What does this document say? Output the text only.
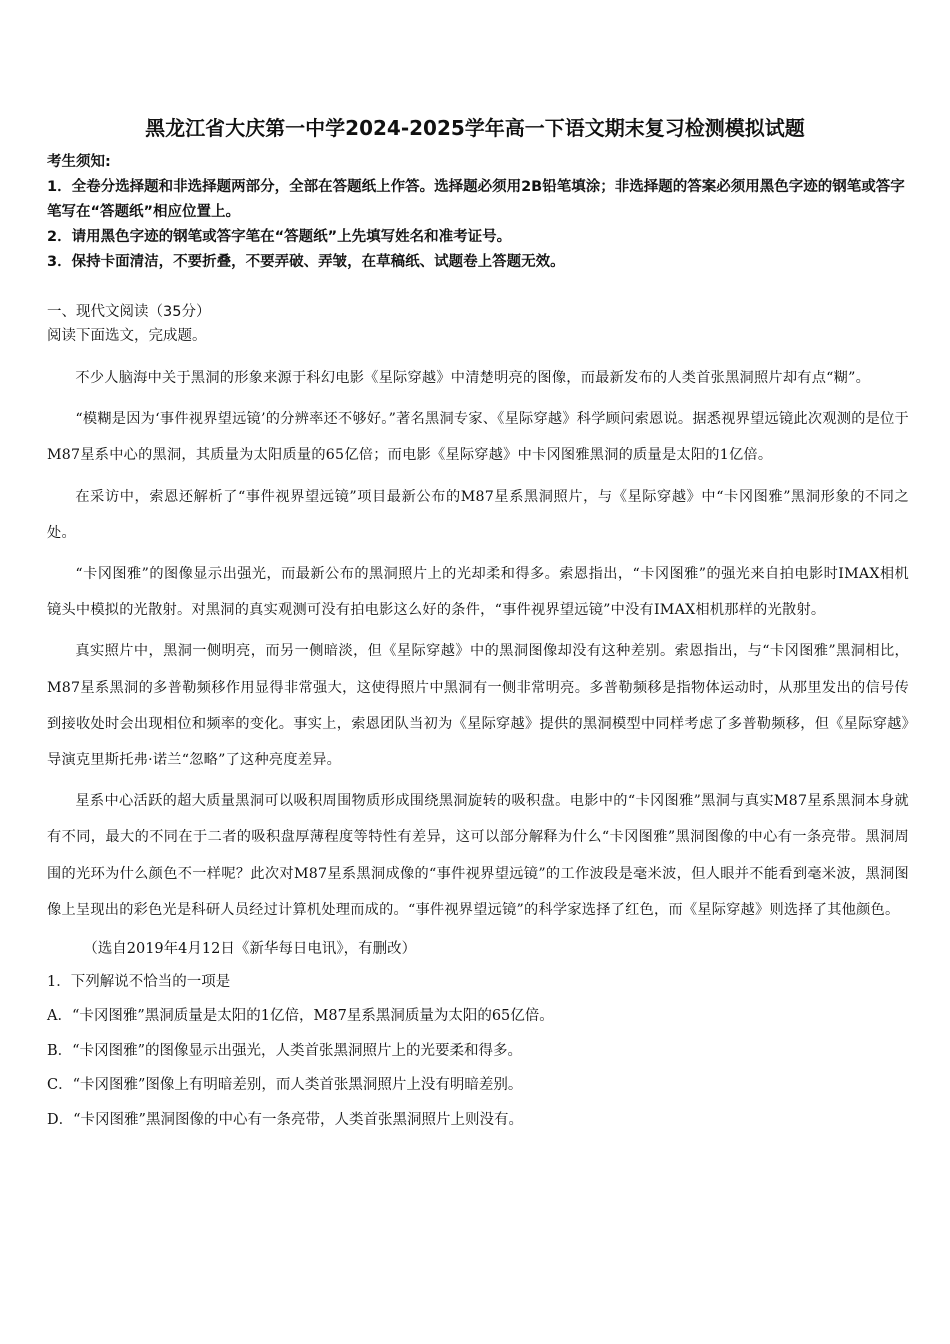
黑龙江省大庆第一中学2024-2025学年高一下语文期末复习检测模拟试题
考生须知:
1．全卷分选择题和非选择题两部分，全部在答题纸上作答。选择题必须用2B铅笔填涂；非选择题的答案必须用黑色字迹的钢笔或答字笔写在“答题纸”相应位置上。
2．请用黑色字迹的钢笔或答字笔在“答题纸”上先填写姓名和准考证号。
3．保持卡面清洁，不要折叠，不要弄破、弄皱，在草稿纸、试题卷上答题无效。
一、现代文阅读（35分）
阅读下面选文，完成题。

不少人脑海中关于黑洞的形象来源于科幻电影《星际穿越》中清楚明亮的图像，而最新发布的人类首张黑洞照片却有点“糊”。

“模糊是因为‘事件视界望远镜’的分辨率还不够好。”著名黑洞专家、《星际穿越》科学顾问索恩说。据悉视界望远镜此次观测的是位于M87星系中心的黑洞，其质量为太阳质量的65亿倍；而电影《星际穿越》中卡冈图雅黑洞的质量是太阳的1亿倍。

在采访中，索恩还解析了“事件视界望远镜”项目最新公布的M87星系黑洞照片，与《星际穿越》中“卡冈图雅”黑洞形象的不同之处。

“卡冈图雅”的图像显示出强光，而最新公布的黑洞照片上的光却柔和得多。索恩指出，“卡冈图雅”的强光来自拍电影时IMAX相机镜头中模拟的光散射。对黑洞的真实观测可没有拍电影这么好的条件，“事件视界望远镜”中没有IMAX相机那样的光散射。

真实照片中，黑洞一侧明亮，而另一侧暗淡，但《星际穿越》中的黑洞图像却没有这种差别。索恩指出，与“卡冈图雅”黑洞相比，M87星系黑洞的多普勒频移作用显得非常强大，这使得照片中黑洞有一侧非常明亮。多普勒频移是指物体运动时，从那里发出的信号传到接收处时会出现相位和频率的变化。事实上，索恩团队当初为《星际穿越》提供的黑洞模型中同样考虑了多普勒频移，但《星际穿越》导演克里斯托弗·诺兰“忽略”了这种亮度差异。

星系中心活跃的超大质量黑洞可以吸积周围物质形成围绕黑洞旋转的吸积盘。电影中的“卡冈图雅”黑洞与真实M87星系黑洞本身就有不同，最大的不同在于二者的吸积盘厚薄程度等特性有差异，这可以部分解释为什么“卡冈图雅”黑洞图像的中心有一条亮带。黑洞周围的光环为什么颜色不一样呢？此次对M87星系黑洞成像的“事件视界望远镜”的工作波段是毫米波，但人眼并不能看到毫米波，黑洞图像上呈现出的彩色光是科研人员经过计算机处理而成的。“事件视界望远镜”的科学家选择了红色，而《星际穿越》则选择了其他颜色。

（选自2019年4月12日《新华每日电讯》，有删改）

1．下列解说不恰当的一项是
A．“卡冈图雅”黑洞质量是太阳的1亿倍，M87星系黑洞质量为太阳的65亿倍。
B．“卡冈图雅”的图像显示出强光，人类首张黑洞照片上的光要柔和得多。
C．“卡冈图雅”图像上有明暗差别，而人类首张黑洞照片上没有明暗差别。
D．“卡冈图雅”黑洞图像的中心有一条亮带，人类首张黑洞照片上则没有。
